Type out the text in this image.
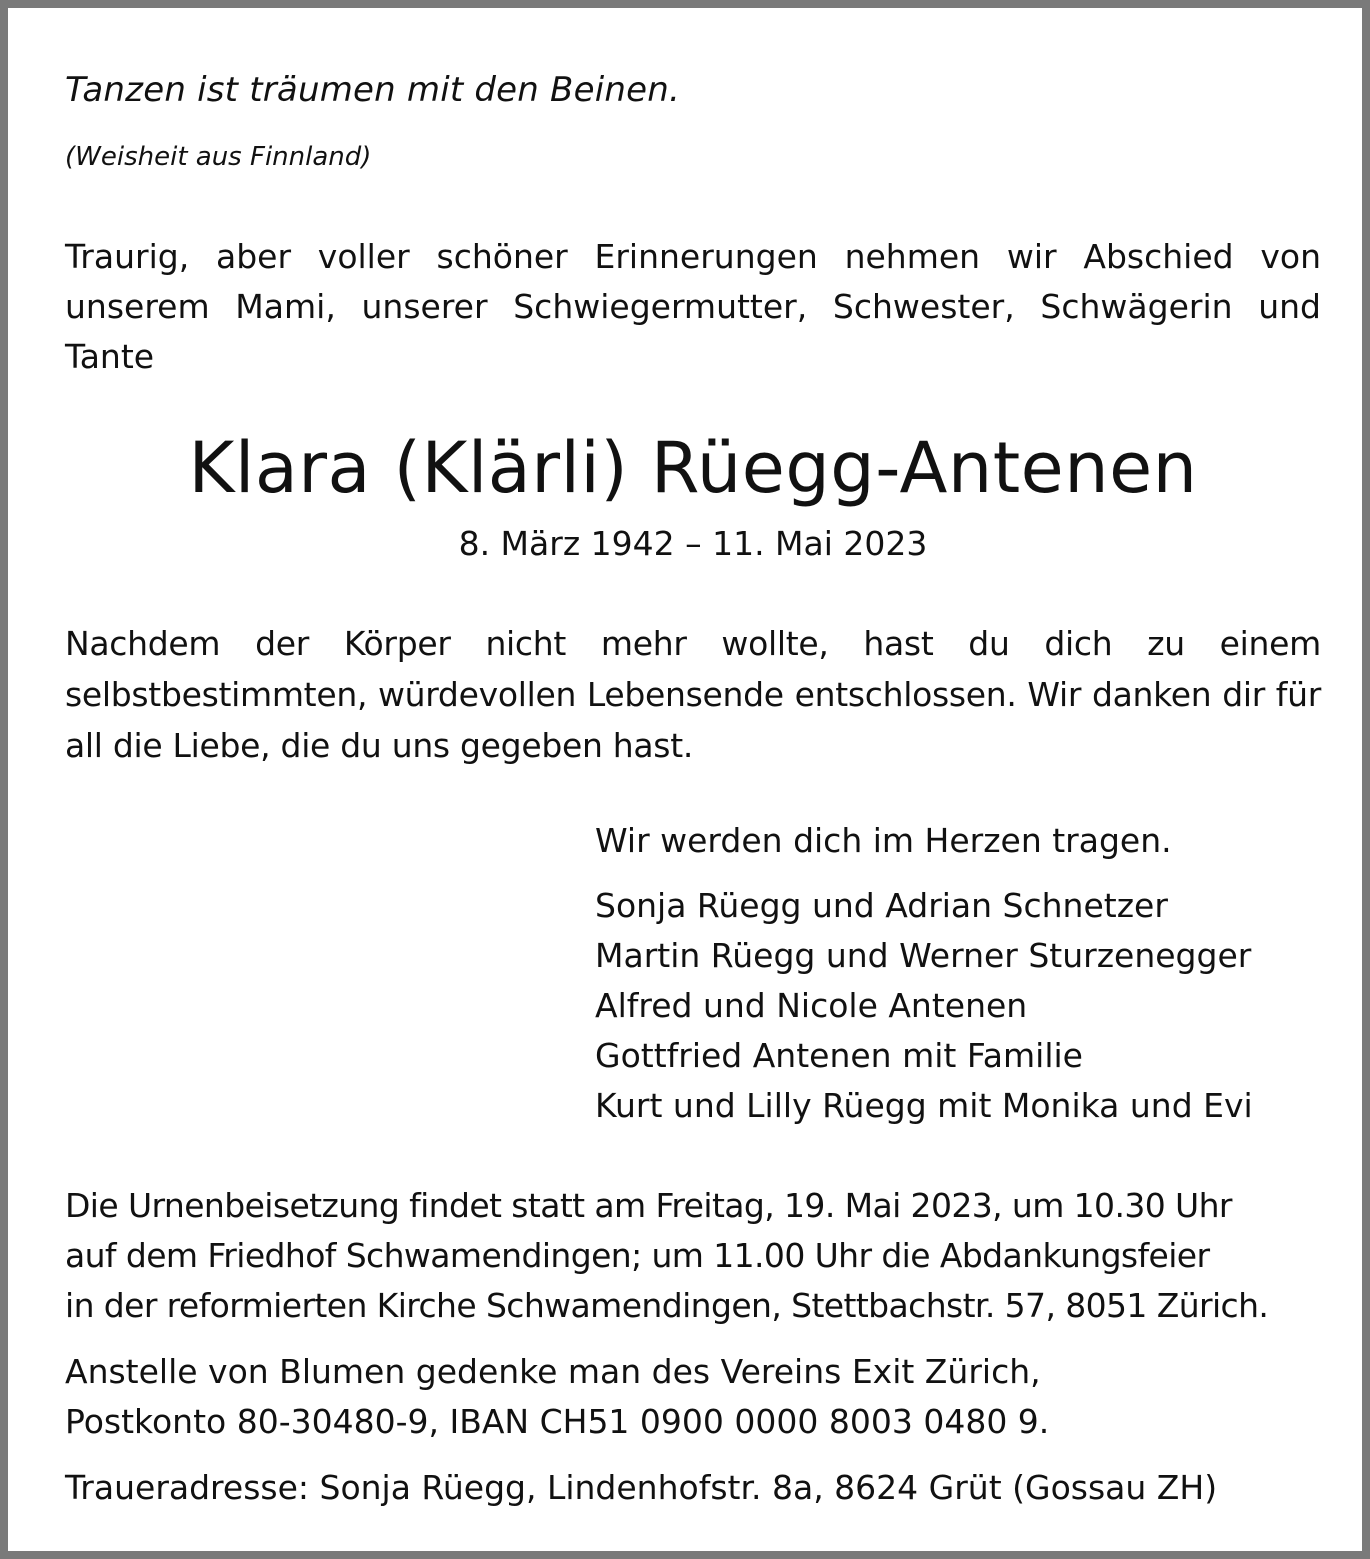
Tanzen ist träumen mit den Beinen.
(Weisheit aus Finnland)
Traurig, aber voller schöner Erinnerungen nehmen wir Abschied von unserem Mami, unserer Schwiegermutter, Schwester, Schwägerin und Tante
Klara (Klärli) Rüegg-Antenen
8. März 1942 – 11. Mai 2023
Nachdem der Körper nicht mehr wollte, hast du dich zu einem selbstbestimmten, würdevollen Lebensende entschlossen. Wir danken dir für all die Liebe, die du uns gegeben hast.
Wir werden dich im Herzen tragen.
Sonja Rüegg und Adrian Schnetzer
Martin Rüegg und Werner Sturzenegger
Alfred und Nicole Antenen
Gottfried Antenen mit Familie
Kurt und Lilly Rüegg mit Monika und Evi
Die Urnenbeisetzung findet statt am Freitag, 19. Mai 2023, um 10.30 Uhr
auf dem Friedhof Schwamendingen; um 11.00 Uhr die Abdankungsfeier
in der reformierten Kirche Schwamendingen, Stettbachstr. 57, 8051 Zürich.
Anstelle von Blumen gedenke man des Vereins Exit Zürich,
Postkonto 80-30480-9, IBAN CH51 0900 0000 8003 0480 9.
Traueradresse: Sonja Rüegg, Lindenhofstr. 8a, 8624 Grüt (Gossau ZH)
